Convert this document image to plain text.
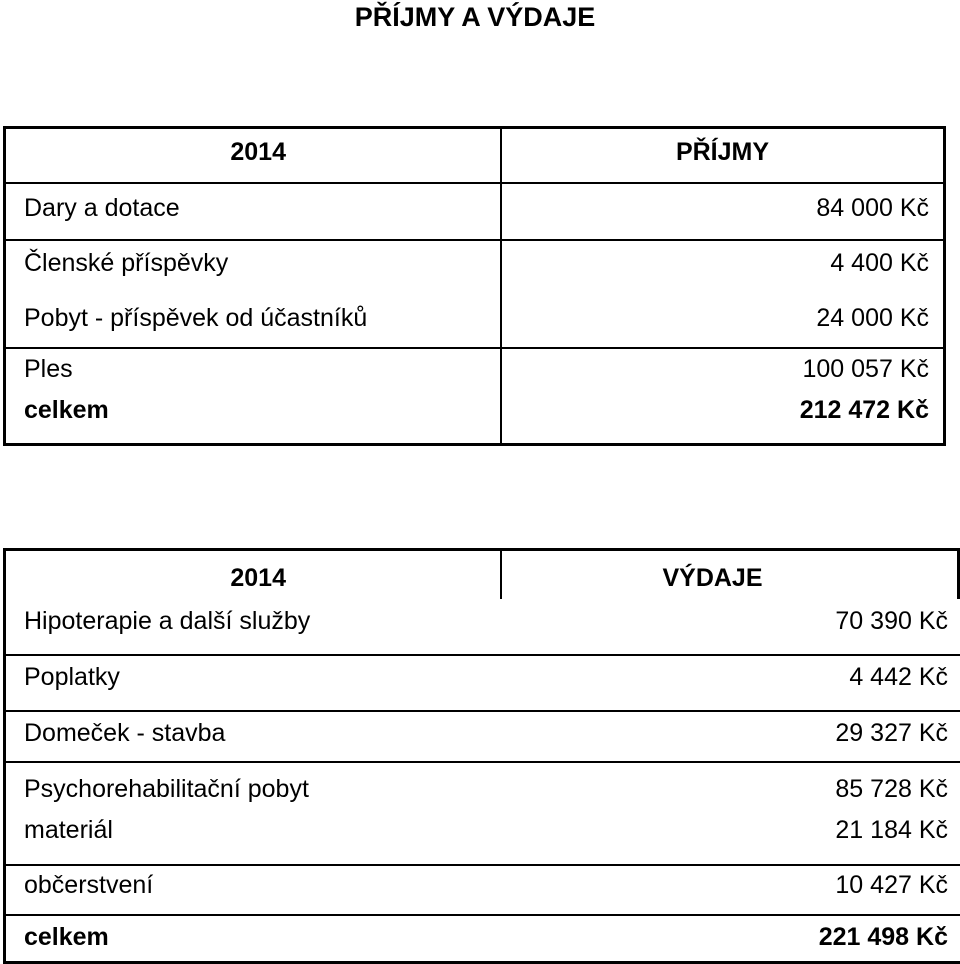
PŘÍJMY A VÝDAJE
2014	PŘÍJMY
Dary a dotace	84 000 Kč
Členské příspěvky	4 400 Kč
Pobyt - příspěvek od účastníků	24 000 Kč
Ples	100 057 Kč
celkem	212 472 Kč
2014	VÝDAJE
Hipoterapie a další služby	70 390 Kč
Poplatky	4 442 Kč
Domeček - stavba	29 327 Kč
Psychorehabilitační pobyt	85 728 Kč
materiál	21 184 Kč
občerstvení	10 427 Kč
celkem	221 498 Kč
